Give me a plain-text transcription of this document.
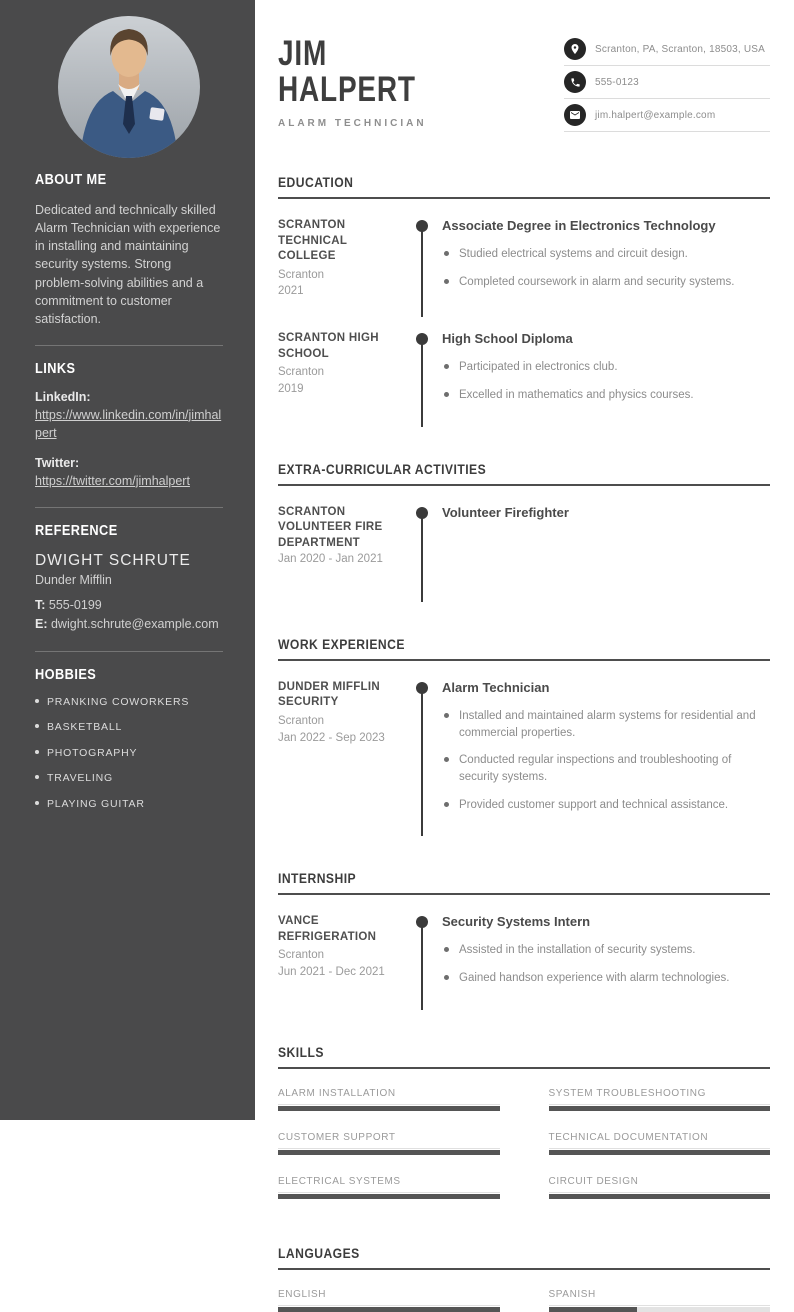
ABOUT ME

Dedicated and technically skilled Alarm Technician with experience in installing and maintaining security systems. Strong problem-solving abilities and a commitment to customer satisfaction.

LINKS
LinkedIn:
https://www.linkedin.com/in/jimhalpert
Twitter:
https://twitter.com/jimhalpert
REFERENCE
DWIGHT SCHRUTE
Dunder Mifflin
T: 555-0199
E: dwight.schrute@example.com
HOBBIES
PRANKING COWORKERS
BASKETBALL
PHOTOGRAPHY
TRAVELING
PLAYING GUITAR
JIM
HALPERT
ALARM TECHNICIAN
Scranton, PA, Scranton, 18503, USA
555-0123
jim.halpert@example.com
EDUCATION
SCRANTON TECHNICAL COLLEGE
Scranton
2021
Associate Degree in Electronics Technology
Studied electrical systems and circuit design.
Completed coursework in alarm and security systems.
SCRANTON HIGH SCHOOL
Scranton
2019
High School Diploma
Participated in electronics club.
Excelled in mathematics and physics courses.
EXTRA-CURRICULAR ACTIVITIES
SCRANTON VOLUNTEER FIRE DEPARTMENT
Jan 2020 - Jan 2021
Volunteer Firefighter
WORK EXPERIENCE
DUNDER MIFFLIN SECURITY
Scranton
Jan 2022 - Sep 2023
Alarm Technician
Installed and maintained alarm systems for residential and commercial properties.
Conducted regular inspections and troubleshooting of security systems.
Provided customer support and technical assistance.
INTERNSHIP
VANCE REFRIGERATION
Scranton
Jun 2021 - Dec 2021
Security Systems Intern
Assisted in the installation of security systems.
Gained handson experience with alarm technologies.
SKILLS
ALARM INSTALLATION	SYSTEM TROUBLESHOOTING
CUSTOMER SUPPORT	TECHNICAL DOCUMENTATION
ELECTRICAL SYSTEMS	CIRCUIT DESIGN
LANGUAGES
ENGLISH	SPANISH
